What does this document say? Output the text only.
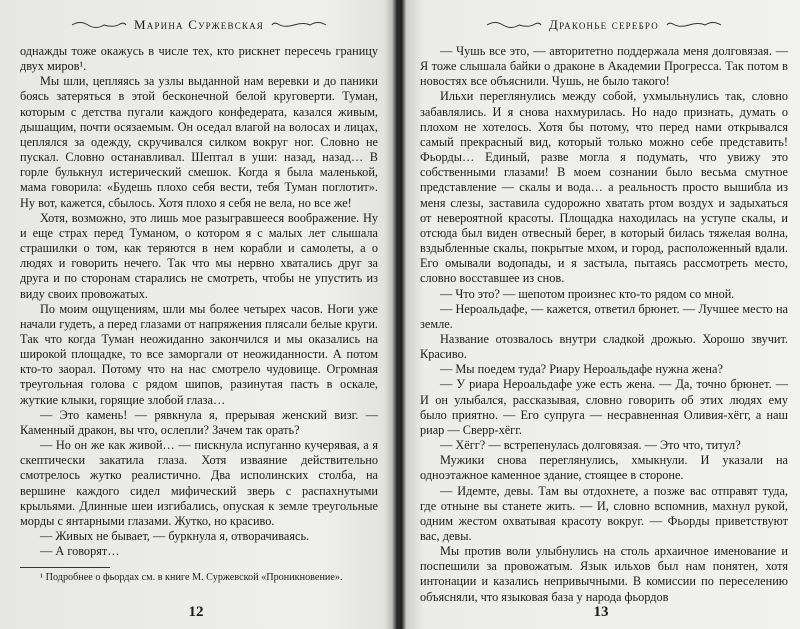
Марина Суржевская

однажды тоже окажусь в числе тех, кто рискнет пересечь границу двух миров¹.

Мы шли, цепляясь за узлы выданной нам веревки и до паники боясь затеряться в этой бесконечной белой круговерти. Туман, которым с детства пугали каждого конфедерата, казался живым, дышащим, почти осязаемым. Он оседал влагой на волосах и лицах, цеплялся за одежду, скручивался силком вокруг ног. Словно не пускал. Словно останавливал. Шептал в уши: назад, назад… В горле булькнул истерический смешок. Когда я была маленькой, мама говорила: «Будешь плохо себя вести, тебя Туман поглотит». Ну вот, кажется, сбылось. Хотя плохо я себя не вела, но все же!

Хотя, возможно, это лишь мое разыгравшееся воображение. Ну и еще страх перед Туманом, о котором я с малых лет слышала страшилки о том, как теряются в нем корабли и самолеты, а о людях и говорить нечего. Так что мы нервно хватались друг за друга и по сторонам старались не смотреть, чтобы не упустить из виду своих провожатых.

По моим ощущениям, шли мы более четырех часов. Ноги уже начали гудеть, а перед глазами от напряжения плясали белые круги. Так что когда Туман неожиданно закончился и мы оказались на широкой площадке, то все заморгали от неожиданности. А потом кто-то заорал. Потому что на нас смотрело чудовище. Огромная треугольная голова с рядом шипов, разинутая пасть в оскале, жуткие клыки, горящие злобой глаза…

— Это камень! — рявкнула я, прерывая женский визг. — Каменный дракон, вы что, ослепли? Зачем так орать?

— Но он же как живой… — пискнула испуганно кучерявая, а я скептически закатила глаза. Хотя изваяние действительно смотрелось жутко реалистично. Два исполинских столба, на вершине каждого сидел мифический зверь с распахнутыми крыльями. Длинные шеи изгибались, опуская к земле треугольные морды с янтарными глазами. Жутко, но красиво.

— Живых не бывает, — буркнула я, отворачиваясь.

— А говорят…

¹ Подробнее о фьордах см. в книге М. Суржевской «Проникновение».

12
Драконье серебро

— Чушь все это, — авторитетно поддержала меня долговязая. — Я тоже слышала байки о драконе в Академии Прогресса. Так потом в новостях все объяснили. Чушь, не было такого!

Ильхи переглянулись между собой, ухмыльнулись так, словно забавлялись. И я снова нахмурилась. Но надо признать, думать о плохом не хотелось. Хотя бы потому, что перед нами открывался самый прекрасный вид, который только можно себе представить! Фьорды… Единый, разве могла я подумать, что увижу это собственными глазами! В моем сознании было весьма смутное представление — скалы и вода… а реальность просто вышибла из меня слезы, заставила судорожно хватать ртом воздух и задыхаться от невероятной красоты. Площадка находилась на уступе скалы, и отсюда был виден отвесный берег, в который билась тяжелая волна, вздыбленные скалы, покрытые мхом, и город, расположенный вдали. Его омывали водопады, и я застыла, пытаясь рассмотреть место, словно восставшее из снов.

— Что это? — шепотом произнес кто-то рядом со мной.

— Нероальдафе, — кажется, ответил брюнет. — Лучшее место на земле.

Название отозвалось внутри сладкой дрожью. Хорошо звучит. Красиво.

— Мы поедем туда? Риару Нероальдафе нужна жена?

— У риара Нероальдафе уже есть жена. — Да, точно брюнет. — И он улыбался, рассказывая, словно говорить об этих людях ему было приятно. — Его супруга — несравненная Оливия-хёгг, а наш риар — Сверр-хёгг.

— Хёгг? — встрепенулась долговязая. — Это что, титул?

Мужики снова переглянулись, хмыкнули. И указали на одноэтажное каменное здание, стоящее в стороне.

— Идемте, девы. Там вы отдохнете, а позже вас отправят туда, где отныне вы станете жить. — И, словно вспомнив, махнул рукой, одним жестом охватывая красоту вокруг. — Фьорды приветствуют вас, девы.

Мы против воли улыбнулись на столь архаичное именование и поспешили за провожатым. Язык ильхов был нам понятен, хотя интонации и казались непривычными. В комиссии по переселению объясняли, что языковая база у народа фьордов

13
